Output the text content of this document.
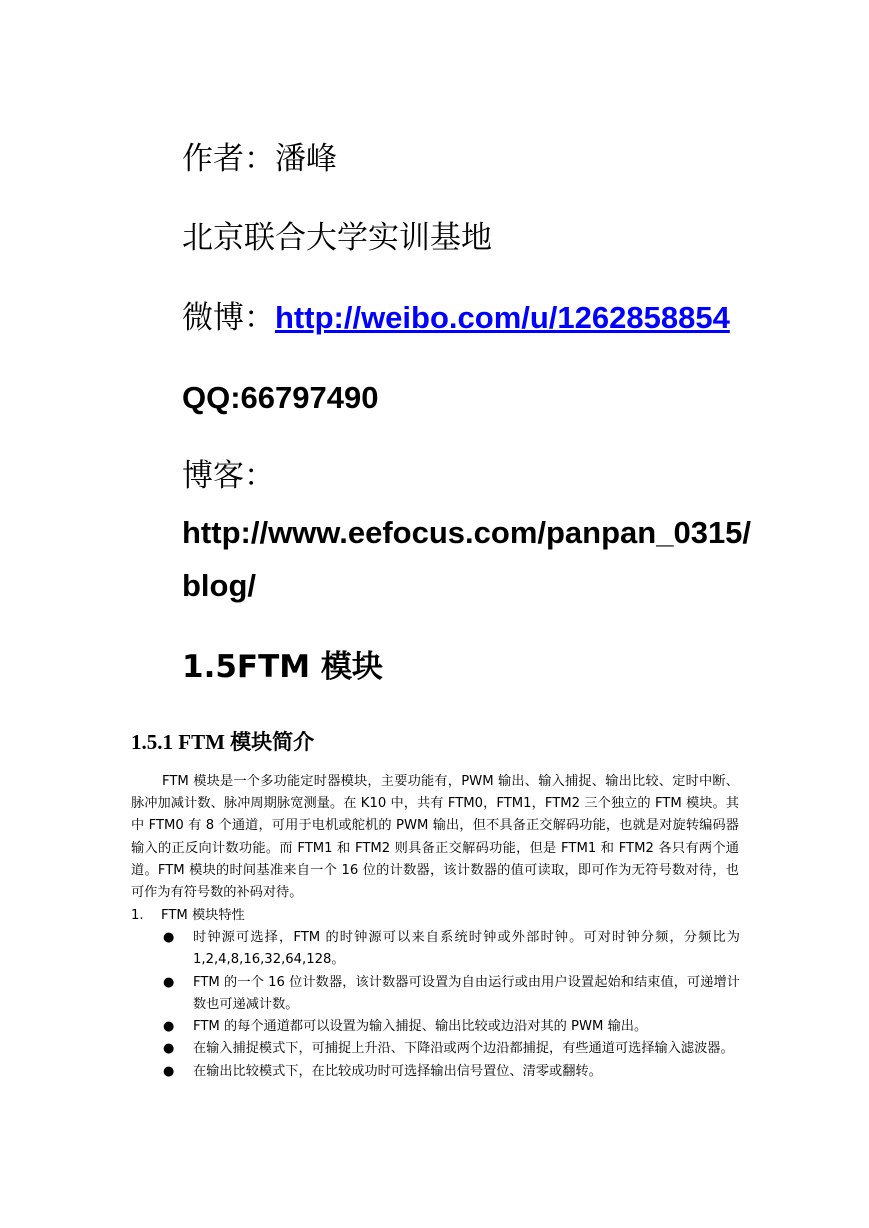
作者：潘峰
北京联合大学实训基地
微博：http://weibo.com/u/1262858854
QQ:66797490
博客：
http://www.eefocus.com/panpan_0315/
blog/
1.5FTM 模块
1.5.1 FTM 模块简介
FTM 模块是一个多功能定时器模块，主要功能有，PWM 输出、输入捕捉、输出比较、定时中断、脉冲加减计数、脉冲周期脉宽测量。在 K10 中，共有 FTM0，FTM1，FTM2 三个独立的 FTM 模块。其中 FTM0 有 8 个通道，可用于电机或舵机的 PWM 输出，但不具备正交解码功能，也就是对旋转编码器输入的正反向计数功能。而 FTM1 和 FTM2 则具备正交解码功能，但是 FTM1 和 FTM2 各只有两个通道。FTM 模块的时间基准来自一个 16 位的计数器，该计数器的值可读取，即可作为无符号数对待，也可作为有符号数的补码对待。
1. FTM 模块特性
● 时钟源可选择，FTM 的时钟源可以来自系统时钟或外部时钟。可对时钟分频，分频比为 1,2,4,8,16,32,64,128。
● FTM 的一个 16 位计数器，该计数器可设置为自由运行或由用户设置起始和结束值，可递增计数也可递减计数。
● FTM 的每个通道都可以设置为输入捕捉、输出比较或边沿对其的 PWM 输出。
● 在输入捕捉模式下，可捕捉上升沿、下降沿或两个边沿都捕捉，有些通道可选择输入滤波器。
● 在输出比较模式下，在比较成功时可选择输出信号置位、清零或翻转。
